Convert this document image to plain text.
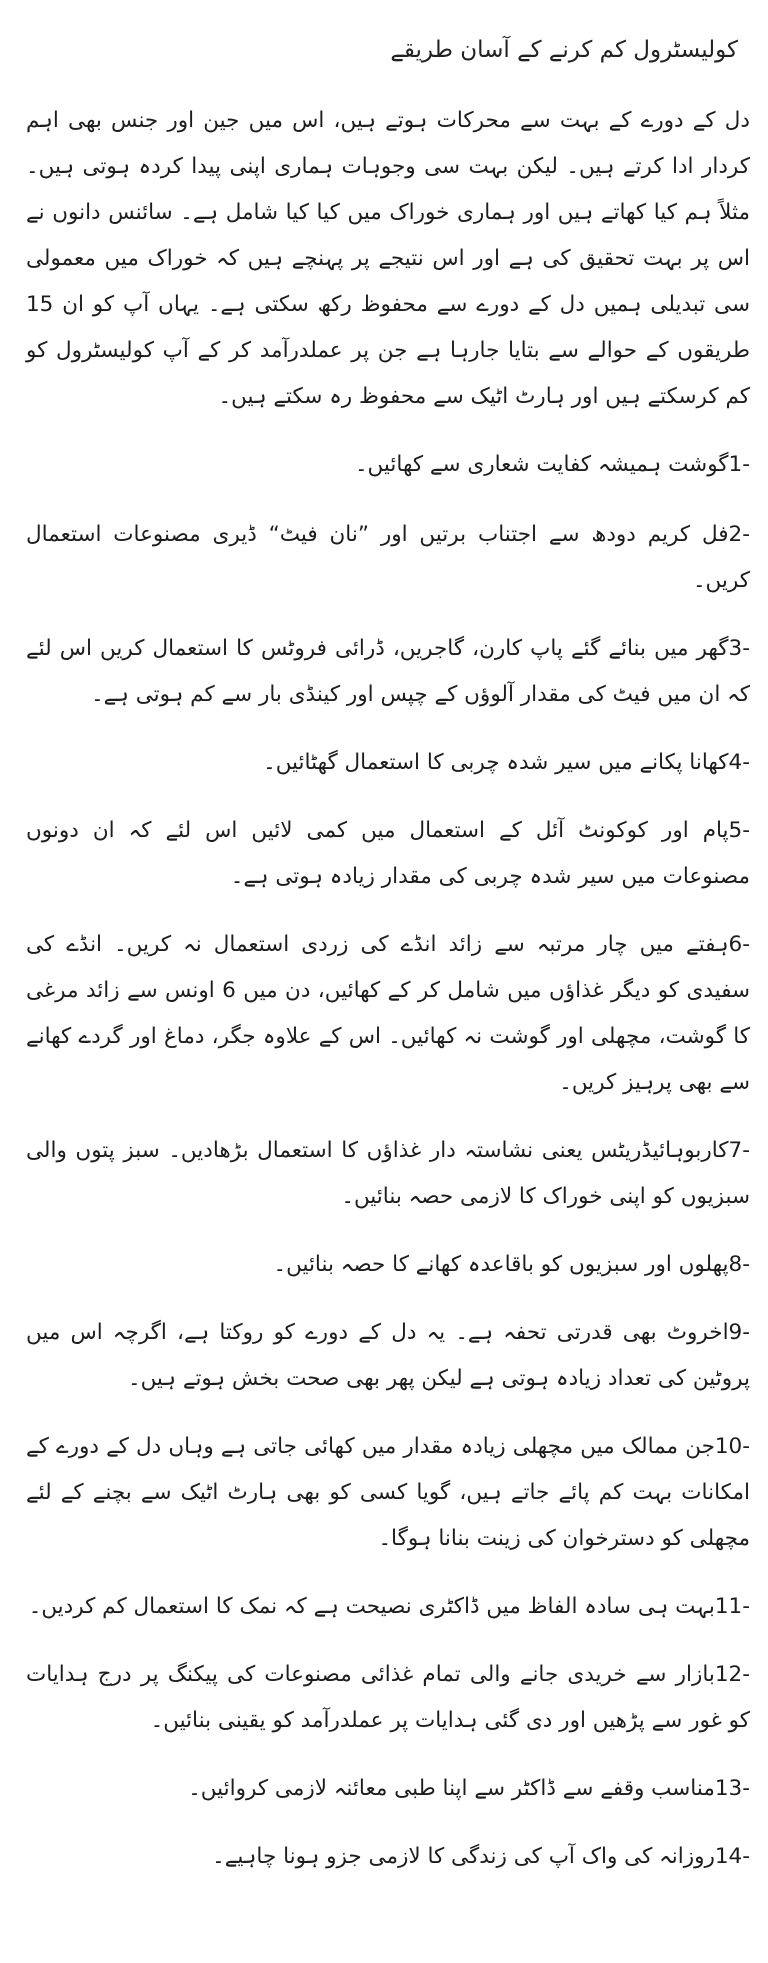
کولیسٹرول کم کرنے کے آسان طریقے

دل کے دورے کے بہت سے محرکات ہوتے ہیں، اس میں جین اور جنس بھی اہم کردار ادا کرتے ہیں۔ لیکن بہت سی وجوہات ہماری اپنی پیدا کردہ ہوتی ہیں۔ مثلاً ہم کیا کھاتے ہیں اور ہماری خوراک میں کیا کیا شامل ہے۔ سائنس دانوں نے اس پر بہت تحقیق کی ہے اور اس نتیجے پر پہنچے ہیں کہ خوراک میں معمولی سی تبدیلی ہمیں دل کے دورے سے محفوظ رکھ سکتی ہے۔ یہاں آپ کو ان 15 طریقوں کے حوالے سے بتایا جارہا ہے جن پر عملدرآمد کر کے آپ کولیسٹرول کو کم کرسکتے ہیں اور ہارٹ اٹیک سے محفوظ رہ سکتے ہیں۔

-1گوشت ہمیشہ کفایت شعاری سے کھائیں۔
-2فل کریم دودھ سے اجتناب برتیں اور ”نان فیٹ“ ڈیری مصنوعات استعمال کریں۔
-3گھر میں بنائے گئے پاپ کارن، گاجریں، ڈرائی فروٹس کا استعمال کریں اس لئے کہ ان میں فیٹ کی مقدار آلوؤں کے چپس اور کینڈی بار سے کم ہوتی ہے۔
-4کھانا پکانے میں سیر شدہ چربی کا استعمال گھٹائیں۔
-5پام اور کوکونٹ آئل کے استعمال میں کمی لائیں اس لئے کہ ان دونوں مصنوعات میں سیر شدہ چربی کی مقدار زیادہ ہوتی ہے۔
-6ہفتے میں چار مرتبہ سے زائد انڈے کی زردی استعمال نہ کریں۔ انڈے کی سفیدی کو دیگر غذاؤں میں شامل کر کے کھائیں، دن میں 6 اونس سے زائد مرغی کا گوشت، مچھلی اور گوشت نہ کھائیں۔ اس کے علاوہ جگر، دماغ اور گردے کھانے سے بھی پرہیز کریں۔
-7کاربوہائیڈریٹس یعنی نشاستہ دار غذاؤں کا استعمال بڑھادیں۔ سبز پتوں والی سبزیوں کو اپنی خوراک کا لازمی حصہ بنائیں۔
-8پھلوں اور سبزیوں کو باقاعدہ کھانے کا حصہ بنائیں۔
-9اخروٹ بھی قدرتی تحفہ ہے۔ یہ دل کے دورے کو روکتا ہے، اگرچہ اس میں پروٹین کی تعداد زیادہ ہوتی ہے لیکن پھر بھی صحت بخش ہوتے ہیں۔
-10جن ممالک میں مچھلی زیادہ مقدار میں کھائی جاتی ہے وہاں دل کے دورے کے امکانات بہت کم پائے جاتے ہیں، گویا کسی کو بھی ہارٹ اٹیک سے بچنے کے لئے مچھلی کو دسترخوان کی زینت بنانا ہوگا۔
-11بہت ہی سادہ الفاظ میں ڈاکٹری نصیحت ہے کہ نمک کا استعمال کم کردیں۔
-12بازار سے خریدی جانے والی تمام غذائی مصنوعات کی پیکنگ پر درج ہدایات کو غور سے پڑھیں اور دی گئی ہدایات پر عملدرآمد کو یقینی بنائیں۔
-13مناسب وقفے سے ڈاکٹر سے اپنا طبی معائنہ لازمی کروائیں۔
-14روزانہ کی واک آپ کی زندگی کا لازمی جزو ہونا چاہیے۔
